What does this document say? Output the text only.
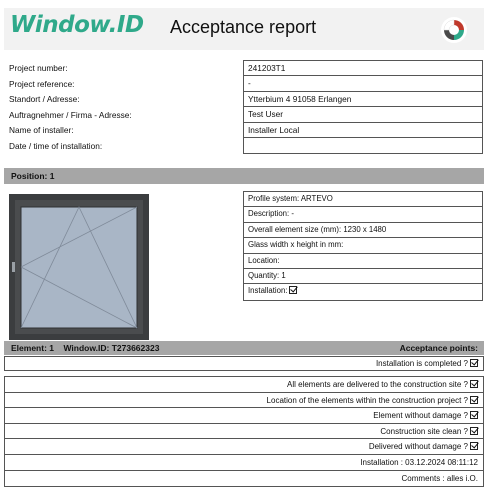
Window.ID Acceptance report
Project number:
Project reference:
Standort / Adresse:
Auftragnehmer / Firma - Adresse:
Name of installer:
Date / time of installation:
241203T1
-
Ytterbium 4 91058 Erlangen
Test User
Installer Local
Position: 1
Profile system: ARTEVO
Description: -
Overall element size (mm): 1230 x 1480
Glass width x height in mm:
Location:
Quantity: 1
Installation:
Element: 1 Window.ID: T273662323	Acceptance points:
Installation is completed ?
All elements are delivered to the construction site ?
Location of the elements within the construction project ?
Element without damage ?
Construction site clean ?
Delivered without damage ?
Installation : 03.12.2024 08:11:12
Comments : alles i.O.
